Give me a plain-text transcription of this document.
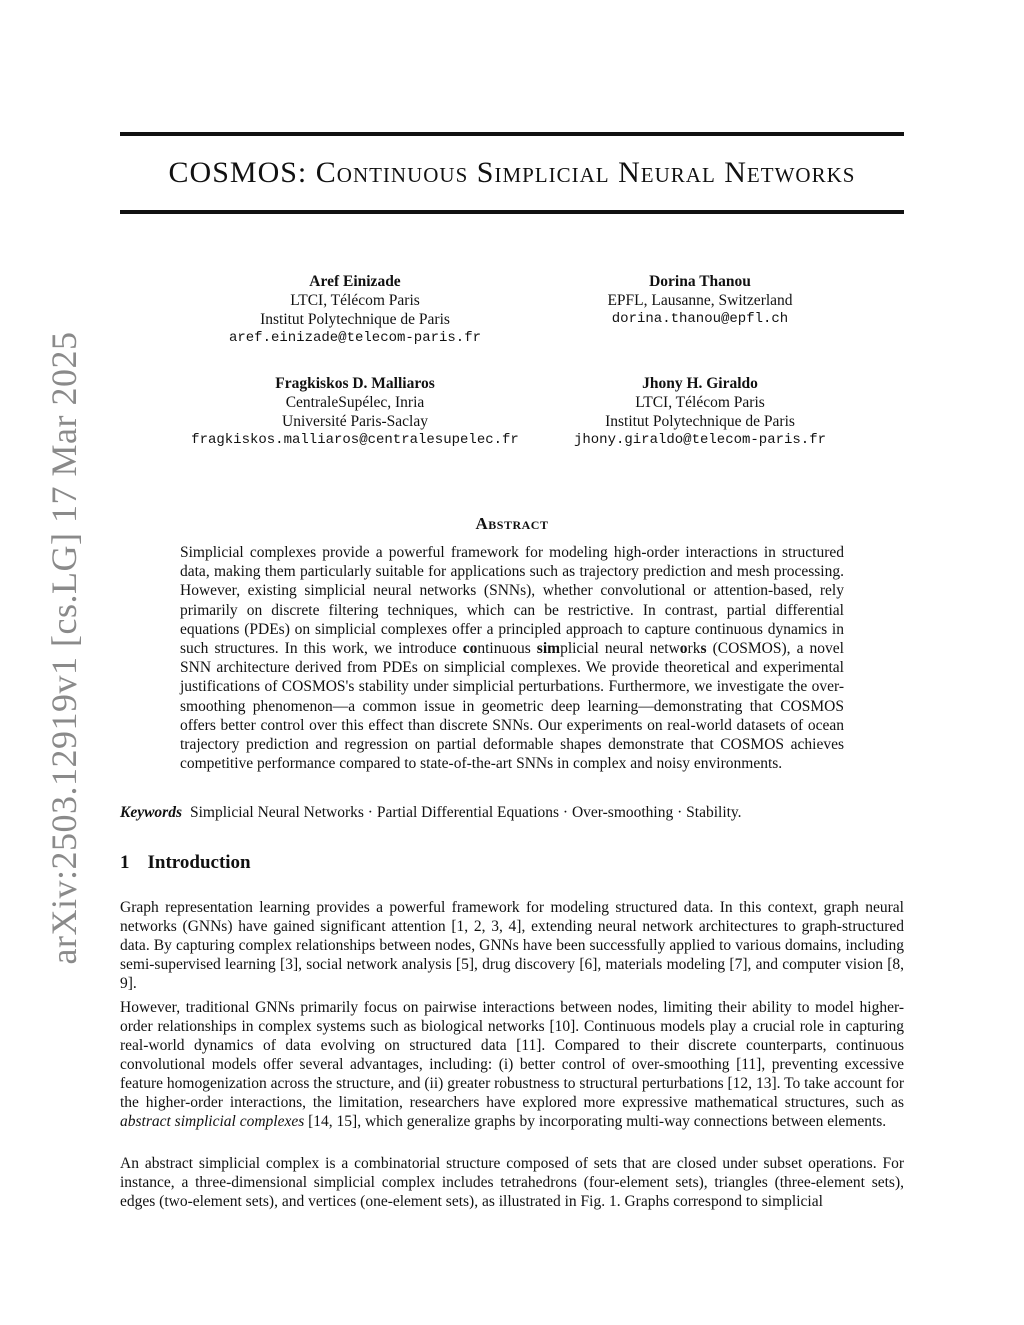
arXiv:2503.12919v1 [cs.LG] 17 Mar 2025
COSMOS: Continuous Simplicial Neural Networks
Aref Einizade
LTCI, Télécom Paris
Institut Polytechnique de Paris
aref.einizade@telecom-paris.fr
Dorina Thanou
EPFL, Lausanne, Switzerland
dorina.thanou@epfl.ch
Fragkiskos D. Malliaros
CentraleSupélec, Inria
Université Paris-Saclay
fragkiskos.malliaros@centralesupelec.fr
Jhony H. Giraldo
LTCI, Télécom Paris
Institut Polytechnique de Paris
jhony.giraldo@telecom-paris.fr
Abstract
Simplicial complexes provide a powerful framework for modeling high-order interactions in structured data, making them particularly suitable for applications such as trajectory prediction and mesh processing. However, existing simplicial neural networks (SNNs), whether convolutional or attention-based, rely primarily on discrete filtering techniques, which can be restrictive. In contrast, partial differential equations (PDEs) on simplicial complexes offer a principled approach to capture continuous dynamics in such structures. In this work, we introduce continuous simplicial neural networks (COSMOS), a novel SNN architecture derived from PDEs on simplicial complexes. We provide theoretical and experimental justifications of COSMOS's stability under simplicial perturbations. Furthermore, we investigate the over-smoothing phenomenon—a common issue in geometric deep learning—demonstrating that COSMOS offers better control over this effect than discrete SNNs. Our experiments on real-world datasets of ocean trajectory prediction and regression on partial deformable shapes demonstrate that COSMOS achieves competitive performance compared to state-of-the-art SNNs in complex and noisy environments.
Keywords Simplicial Neural Networks · Partial Differential Equations · Over-smoothing · Stability.
1 Introduction

Graph representation learning provides a powerful framework for modeling structured data. In this context, graph neural networks (GNNs) have gained significant attention [1, 2, 3, 4], extending neural network architectures to graph-structured data. By capturing complex relationships between nodes, GNNs have been successfully applied to various domains, including semi-supervised learning [3], social network analysis [5], drug discovery [6], materials modeling [7], and computer vision [8, 9].

However, traditional GNNs primarily focus on pairwise interactions between nodes, limiting their ability to model higher-order relationships in complex systems such as biological networks [10]. Continuous models play a crucial role in capturing real-world dynamics of data evolving on structured data [11]. Compared to their discrete counterparts, continuous convolutional models offer several advantages, including: (i) better control of over-smoothing [11], preventing excessive feature homogenization across the structure, and (ii) greater robustness to structural perturbations [12, 13]. To take account for the higher-order interactions, the limitation, researchers have explored more expressive mathematical structures, such as abstract simplicial complexes [14, 15], which generalize graphs by incorporating multi-way connections between elements.

An abstract simplicial complex is a combinatorial structure composed of sets that are closed under subset operations. For instance, a three-dimensional simplicial complex includes tetrahedrons (four-element sets), triangles (three-element sets), edges (two-element sets), and vertices (one-element sets), as illustrated in Fig. 1. Graphs correspond to simplicial
